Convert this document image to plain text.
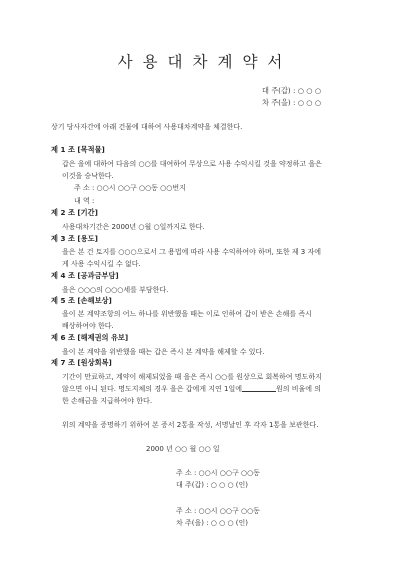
사용대차계약서
대 주(갑) : ○ ○ ○
차 주(을) : ○ ○ ○
상기 당사자간에 아래 건물에 대하여 사용대차계약을 체결한다.
제 1 조 [목적물]
갑은 을에 대하여 다음의 ○○를 대여하여 무상으로 사용 수익시킬 것을 약정하고 을은
이것을 승낙한다.
주 소 : ○○시 ○○구 ○○동 ○○번지
내 역 :
제 2 조 [기간]
사용대차기간은 2000년 ○월 ○일까지로 한다.
제 3 조 [용도]
을은 본 건 토지를 ○○○으로서 그 용법에 따라 사용 수익하여야 하며, 또한 제 3 자에
게 사용 수익시킬 수 없다.
제 4 조 [공과금부담]
을은 ○○○의 ○○○세를 부담한다.
제 5 조 [손해보상]
을이 본 계약조항의 어느 하나를 위반했을 때는 이로 인하여 갑이 받은 손해를 즉시
배상하여야 한다.
제 6 조 [해제권의 유보]
을이 본 계약을 위반했을 때는 갑은 즉시 본 계약을 해제할 수 있다.
제 7 조 [원상회복]
기간이 만료하고, 계약이 해제되었을 때 을은 즉시 ○○를 원상으로 회복하여 명도하지
않으면 아니 된다. 명도지체의 경우 을은 갑에게 지연 1일에	원의 비율에 의
한 손해금을 지급하여야 한다.
위의 계약을 증명하기 위하여 본 증서 2통을 작성, 서명날인 후 각자 1통을 보관한다.
2000 년 ○○ 월 ○○ 일
주 소 : ○○시 ○○구 ○○동
대 주(갑) : ○ ○ ○ (인)
주 소 : ○○시 ○○구 ○○동
차 주(을) : ○ ○ ○ (인)
